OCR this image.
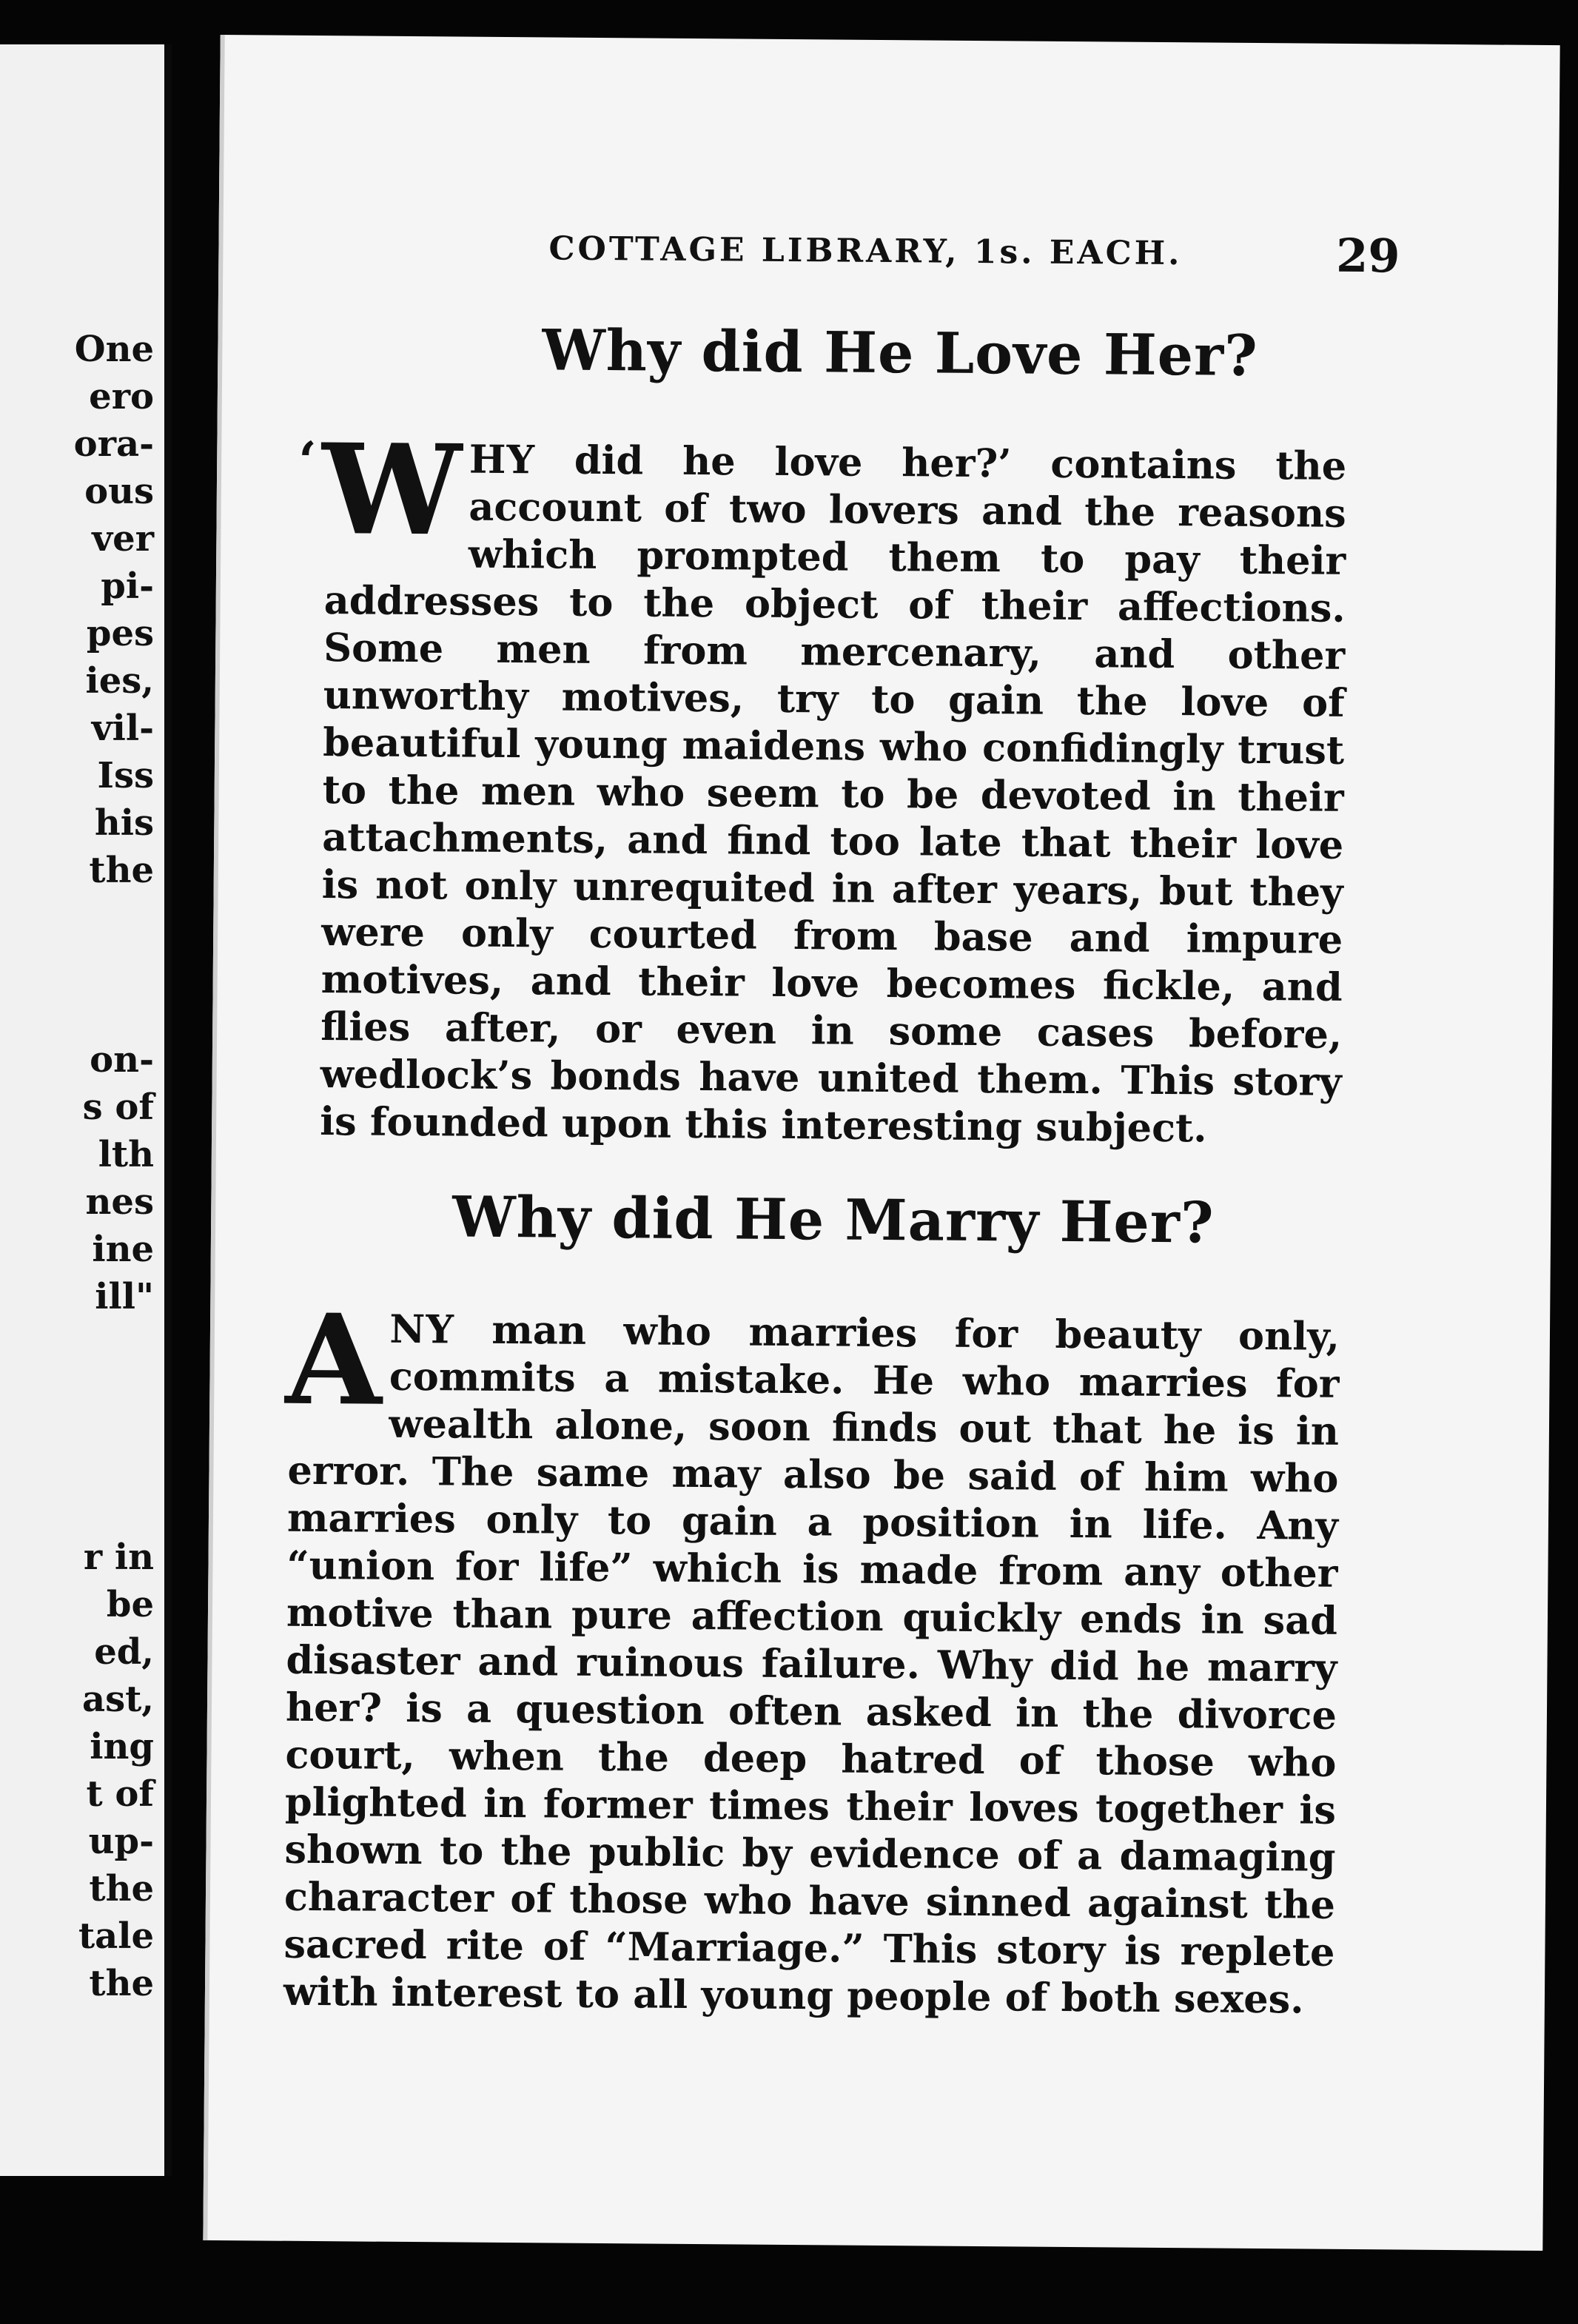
One
ero
ora-
ous
ver
pi-
pes
ies,
vil-
Iss
his
the
on-
s of
lth
nes
ine
ill"
r in
be
ed,
ast,
ing
t of
up-
the
tale
the
COTTAGE LIBRARY, 1s. EACH.	29
Why did He Love Her?
‘ W HY did he love her?’ contains the account of two lovers and the reasons which prompted them to pay their addresses to the object of their affections. Some men from mercenary, and other unworthy motives, try to gain the love of beautiful young maidens who confidingly trust to the men who seem to be devoted in their attachments, and find too late that their love is not only unrequited in after years, but they were only courted from base and impure motives, and their love becomes fickle, and flies after, or even in some cases before, wedlock’s bonds have united them. This story is founded upon this interesting subject.
Why did He Marry Her?
ANY man who marries for beauty only, commits a mistake. He who marries for wealth alone, soon finds out that he is in error. The same may also be said of him who marries only to gain a position in life. Any “union for life” which is made from any other motive than pure affection quickly ends in sad disaster and ruinous failure. Why did he marry her? is a question often asked in the divorce court, when the deep hatred of those who plighted in former times their loves together is shown to the public by evidence of a damaging character of those who have sinned against the sacred rite of “Marriage.” This story is replete with interest to all young people of both sexes.
